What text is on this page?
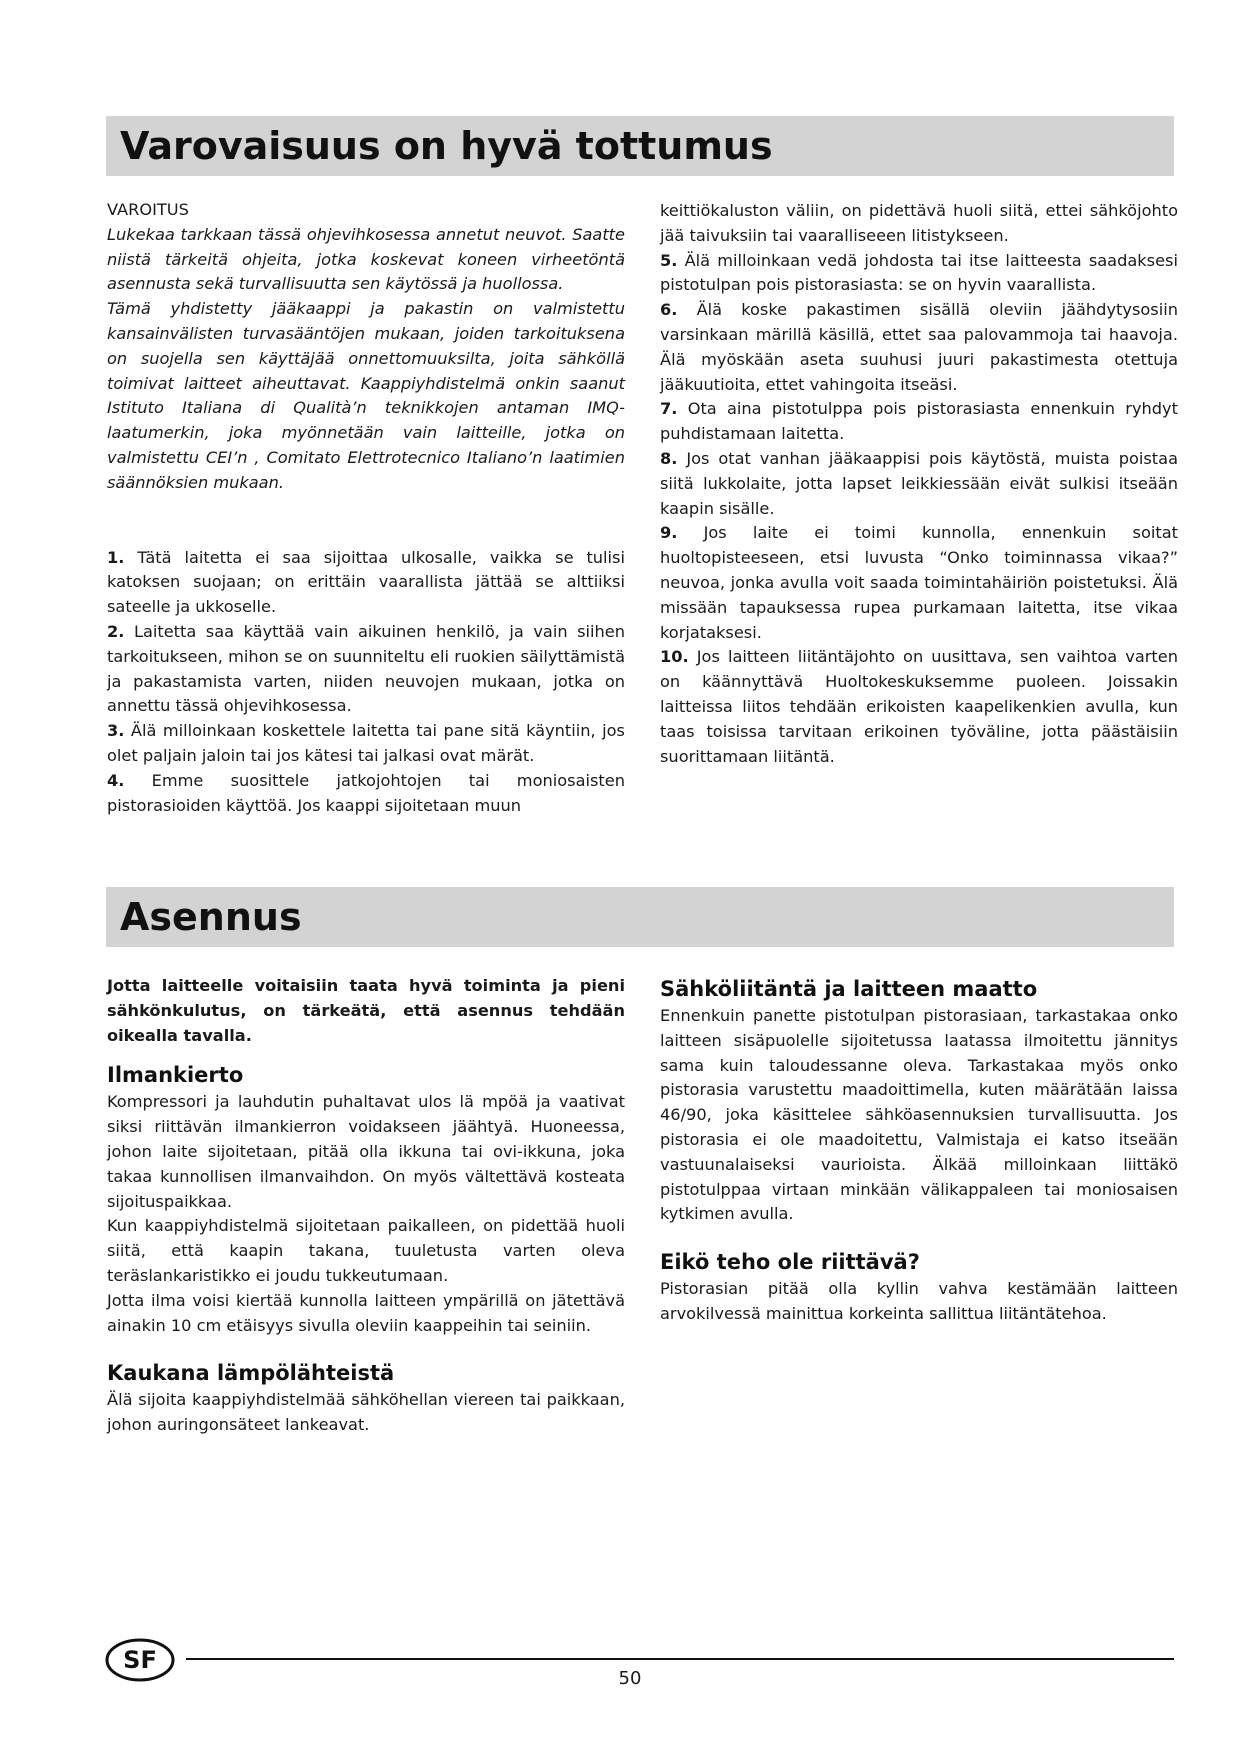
Varovaisuus on hyvä tottumus

VAROITUS

Lukekaa tarkkaan tässä ohjevihkosessa annetut neuvot. Saatte niistä tärkeitä ohjeita, jotka koskevat koneen virheetöntä asennusta sekä turvallisuutta sen käytössä ja huollossa.

Tämä yhdistetty jääkaappi ja pakastin on valmistettu kansainvälisten turvasääntöjen mukaan, joiden tarkoituksena on suojella sen käyttäjää onnettomuuksilta, joita sähköllä toimivat laitteet aiheuttavat. Kaappiyhdistelmä onkin saanut Istituto Italiana di Qualità’n teknikkojen antaman IMQ-laatumerkin, joka myönnetään vain laitteille, jotka on valmistettu CEI’n , Comitato Elettrotecnico Italiano’n laatimien säännöksien mukaan.

1. Tätä laitetta ei saa sijoittaa ulkosalle, vaikka se tulisi katoksen suojaan; on erittäin vaarallista jättää se alttiiksi sateelle ja ukkoselle.

2. Laitetta saa käyttää vain aikuinen henkilö, ja vain siihen tarkoitukseen, mihon se on suunniteltu eli ruokien säilyttämistä ja pakastamista varten, niiden neuvojen mukaan, jotka on annettu tässä ohjevihkosessa.

3. Älä milloinkaan koskettele laitetta tai pane sitä käyntiin, jos olet paljain jaloin tai jos kätesi tai jalkasi ovat märät.

4. Emme suosittele jatkojohtojen tai moniosaisten pistorasioiden käyttöä. Jos kaappi sijoitetaan muun

keittiökaluston väliin, on pidettävä huoli siitä, ettei sähköjohto jää taivuksiin tai vaaralliseeen litistykseen.

5. Älä milloinkaan vedä johdosta tai itse laitteesta saadaksesi pistotulpan pois pistorasiasta: se on hyvin vaarallista.

6. Älä koske pakastimen sisällä oleviin jäähdytysosiin varsinkaan märillä käsillä, ettet saa palovammoja tai haavoja. Älä myöskään aseta suuhusi juuri pakastimesta otettuja jääkuutioita, ettet vahingoita itseäsi.

7. Ota aina pistotulppa pois pistorasiasta ennenkuin ryhdyt puhdistamaan laitetta.

8. Jos otat vanhan jääkaappisi pois käytöstä, muista poistaa siitä lukkolaite, jotta lapset leikkiessään eivät sulkisi itseään kaapin sisälle.

9. Jos laite ei toimi kunnolla, ennenkuin soitat huoltopisteeseen, etsi luvusta “Onko toiminnassa vikaa?” neuvoa, jonka avulla voit saada toimintahäiriön poistetuksi. Älä missään tapauksessa rupea purkamaan laitetta, itse vikaa korjataksesi.

10. Jos laitteen liitäntäjohto on uusittava, sen vaihtoa varten on käännyttävä Huoltokeskuksemme puoleen. Joissakin laitteissa liitos tehdään erikoisten kaapelikenkien avulla, kun taas toisissa tarvitaan erikoinen työväline, jotta päästäisiin suorittamaan liitäntä.

Asennus

Jotta laitteelle voitaisiin taata hyvä toiminta ja pieni sähkönkulutus, on tärkeätä, että asennus tehdään oikealla tavalla.

Ilmankierto

Kompressori ja lauhdutin puhaltavat ulos lä mpöä ja vaativat siksi riittävän ilmankierron voidakseen jäähtyä. Huoneessa, johon laite sijoitetaan, pitää olla ikkuna tai ovi-ikkuna, joka takaa kunnollisen ilmanvaihdon. On myös vältettävä kosteata sijoituspaikkaa.

Kun kaappiyhdistelmä sijoitetaan paikalleen, on pidettää huoli siitä, että kaapin takana, tuuletusta varten oleva teräslankaristikko ei joudu tukkeutumaan.

Jotta ilma voisi kiertää kunnolla laitteen ympärillä on jätettävä ainakin 10 cm etäisyys sivulla oleviin kaappeihin tai seiniin.

Kaukana lämpölähteistä

Älä sijoita kaappiyhdistelmää sähköhellan viereen tai paikkaan, johon auringonsäteet lankeavat.

Sähköliitäntä ja laitteen maatto

Ennenkuin panette pistotulpan pistorasiaan, tarkastakaa onko laitteen sisäpuolelle sijoitetussa laatassa ilmoitettu jännitys sama kuin taloudessanne oleva. Tarkastakaa myös onko pistorasia varustettu maadoittimella, kuten määrätään laissa 46/90, joka käsittelee sähköasennuksien turvallisuutta. Jos pistorasia ei ole maadoitettu, Valmistaja ei katso itseään vastuunalaiseksi vaurioista. Älkää milloinkaan liittäkö pistotulppaa virtaan minkään välikappaleen tai moniosaisen kytkimen avulla.

Eikö teho ole riittävä?

Pistorasian pitää olla kyllin vahva kestämään laitteen arvokilvessä mainittua korkeinta sallittua liitäntätehoa.

SF
50
